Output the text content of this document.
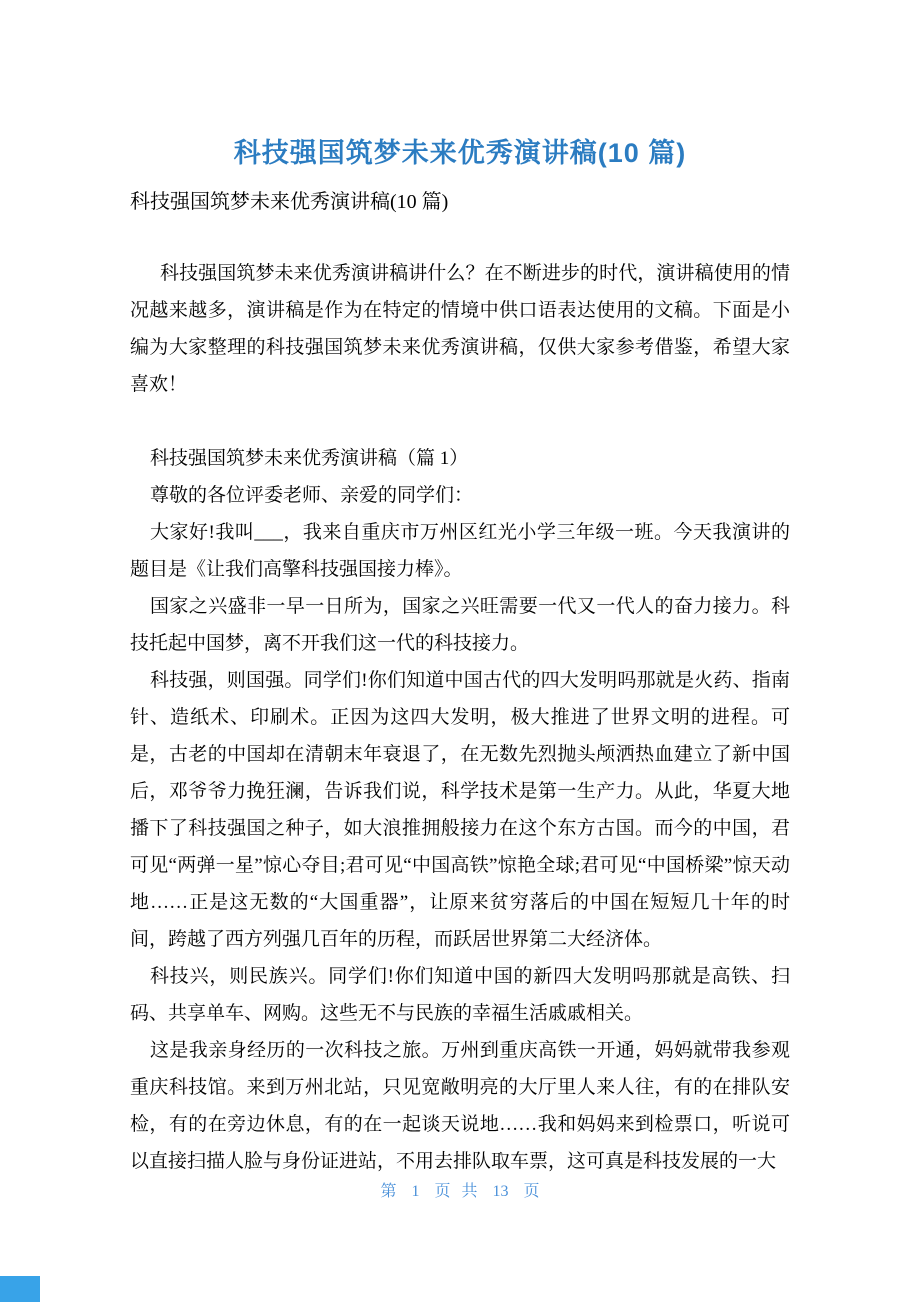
科技强国筑梦未来优秀演讲稿(10 篇)
科技强国筑梦未来优秀演讲稿(10 篇)

科技强国筑梦未来优秀演讲稿讲什么？在不断进步的时代，演讲稿使用的情况越来越多，演讲稿是作为在特定的情境中供口语表达使用的文稿。下面是小编为大家整理的科技强国筑梦未来优秀演讲稿，仅供大家参考借鉴，希望大家喜欢！

科技强国筑梦未来优秀演讲稿（篇 1）

尊敬的各位评委老师、亲爱的同学们：

大家好!我叫___，我来自重庆市万州区红光小学三年级一班。今天我演讲的题目是《让我们高擎科技强国接力棒》。

国家之兴盛非一早一日所为，国家之兴旺需要一代又一代人的奋力接力。科技托起中国梦，离不开我们这一代的科技接力。

科技强，则国强。同学们!你们知道中国古代的四大发明吗那就是火药、指南针、造纸术、印刷术。正因为这四大发明，极大推进了世界文明的进程。可是，古老的中国却在清朝末年衰退了，在无数先烈抛头颅洒热血建立了新中国后，邓爷爷力挽狂澜，告诉我们说，科学技术是第一生产力。从此，华夏大地播下了科技强国之种子，如大浪推拥般接力在这个东方古国。而今的中国，君可见“两弹一星”惊心夺目;君可见“中国高铁”惊艳全球;君可见“中国桥梁”惊天动地……正是这无数的“大国重器”，让原来贫穷落后的中国在短短几十年的时间，跨越了西方列强几百年的历程，而跃居世界第二大经济体。

科技兴，则民族兴。同学们!你们知道中国的新四大发明吗那就是高铁、扫码、共享单车、网购。这些无不与民族的幸福生活戚戚相关。

这是我亲身经历的一次科技之旅。万州到重庆高铁一开通，妈妈就带我参观重庆科技馆。来到万州北站，只见宽敞明亮的大厅里人来人往，有的在排队安检，有的在旁边休息，有的在一起谈天说地……我和妈妈来到检票口，听说可以直接扫描人脸与身份证进站，不用去排队取车票，这可真是科技发展的一大

第 1 页 共 13 页
